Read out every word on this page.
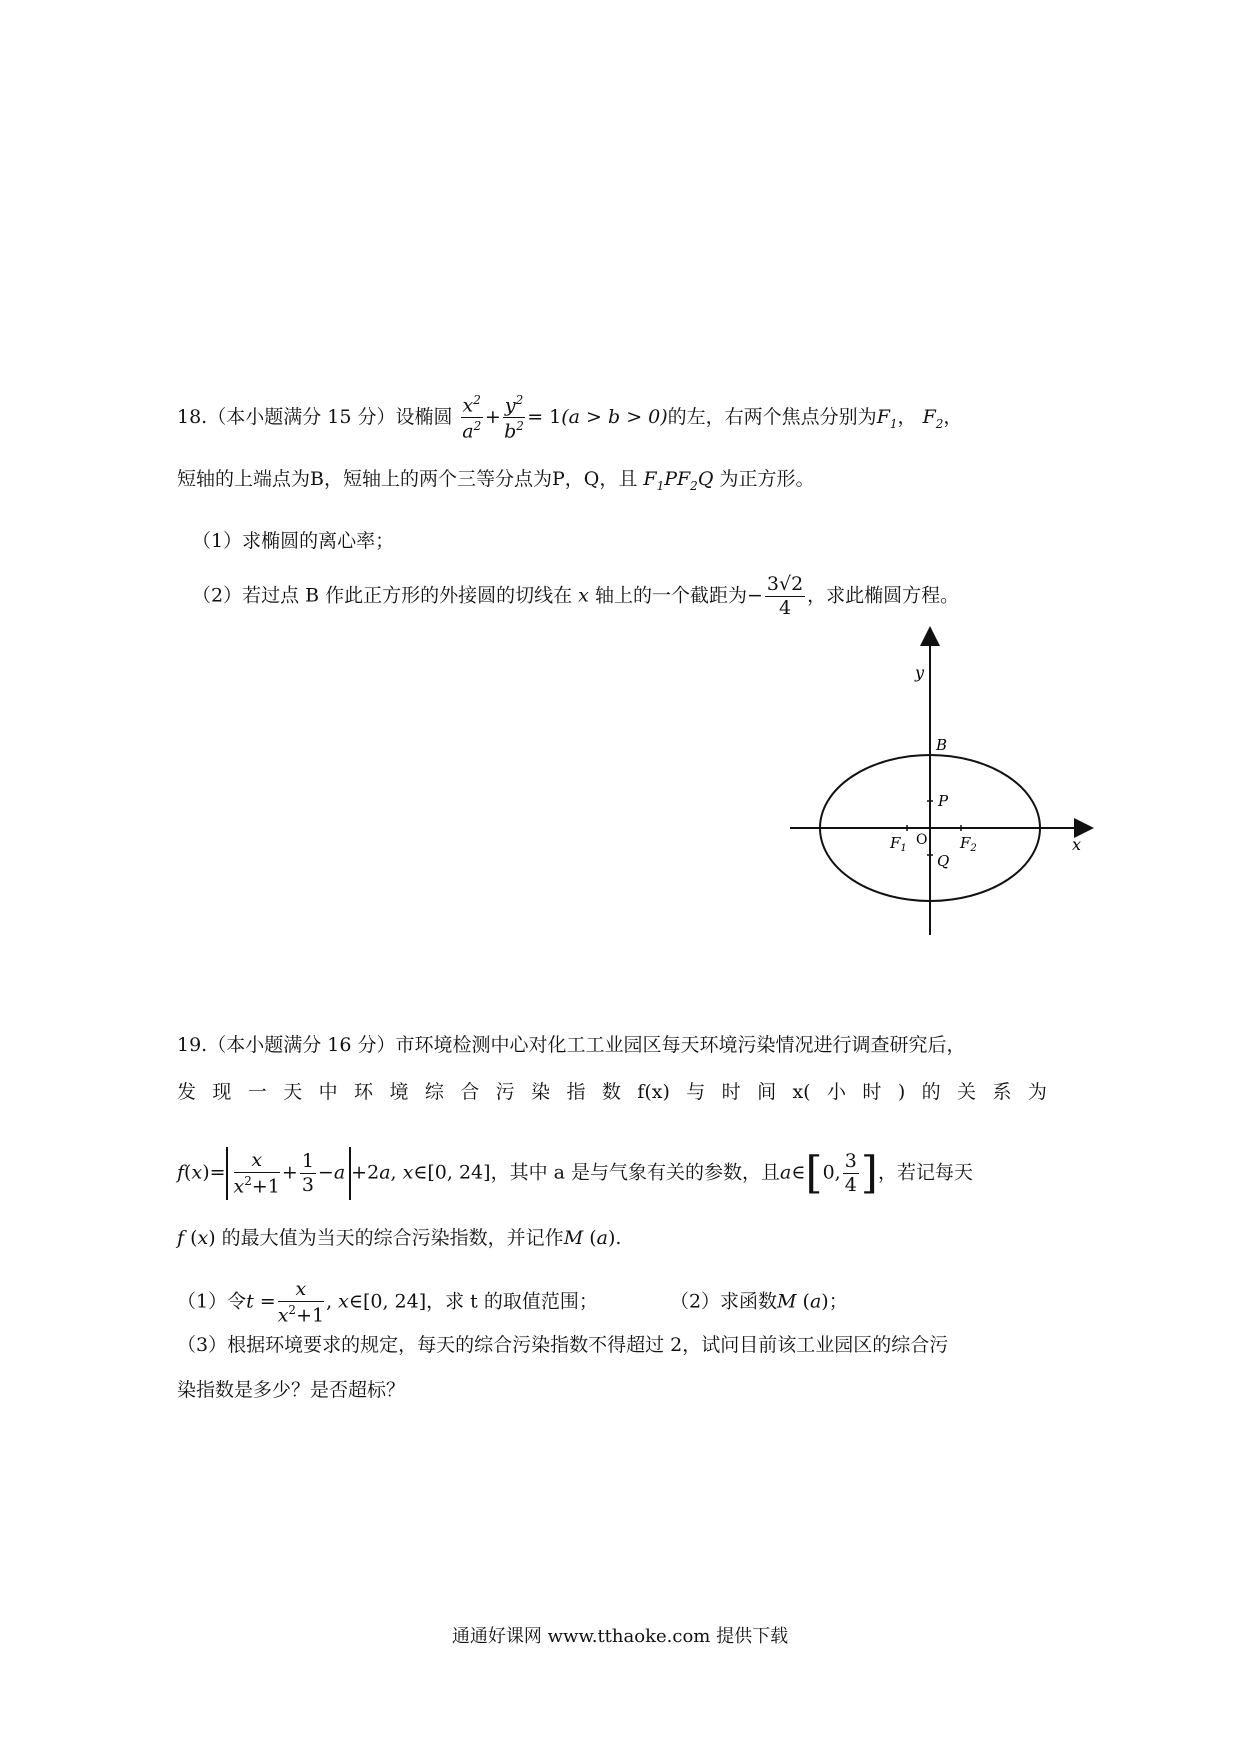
18.（本小题满分 15 分）设椭圆 $\frac{x^2}{a^2} + \frac{y^2}{b^2} = 1(a > b > 0)$的左，右两个焦点分别为$F_1$， $F_2$，
短轴的上端点为B，短轴上的两个三等分点为P，Q，且 $F_1PF_2Q$ 为正方形。
（1）求椭圆的离心率；
（2）若过点 B 作此正方形的外接圆的切线在 x 轴上的一个截距为− $\frac{3√2}{4}$ ，求此椭圆方程。
y
B
P
O
$F_1$	$F_2$
Q
x
19.（本小题满分 16 分）市环境检测中心对化工工业园区每天环境污染情况进行调查研究后，
发 现 一 天 中 环 境 综 合 污 染 指 数 f(x) 与 时 间 x( 小 时 ) 的 关 系 为
$f(x)= \frac{x}{x^2+1} + \frac{1}{3} -a +2a$, x∈[0, 24]，其中 a 是与气象有关的参数，且a∈[0, $\frac{3}{4}$ ]，若记每天
f (x) 的最大值为当天的综合污染指数，并记作M (a).
（1）令$t = \frac{x}{x^2+1}$ , x∈[0, 24]，求 t 的取值范围；	（2）求函数M (a)；
（3）根据环境要求的规定，每天的综合污染指数不得超过 2，试问目前该工业园区的综合污
染指数是多少？是否超标？
通通好课网 www.tthaoke.com 提供下载
